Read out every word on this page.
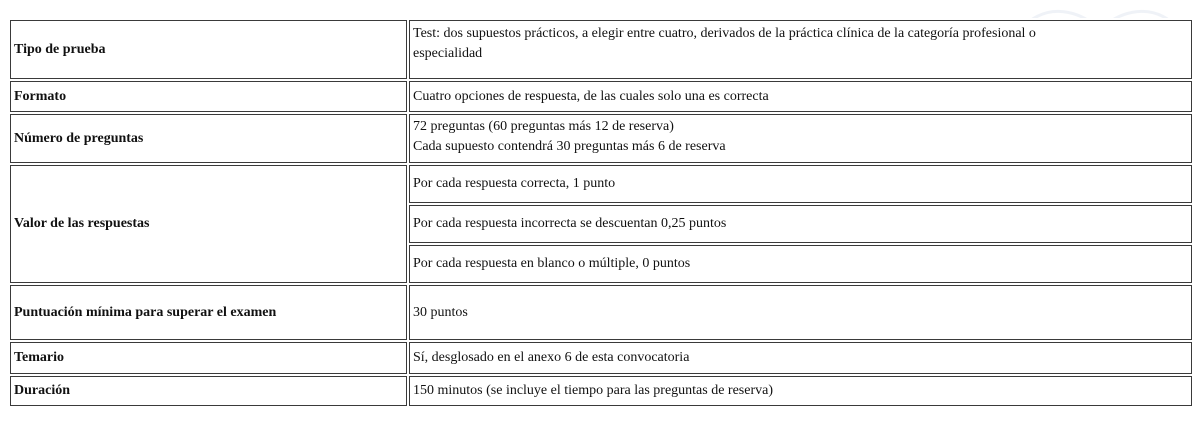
Tipo de prueba	Test: dos supuestos prácticos, a elegir entre cuatro, derivados de la práctica clínica de la categoría profesional o
especialidad

Formato	Cuatro opciones de respuesta, de las cuales solo una es correcta
Número de preguntas	72 preguntas (60 preguntas más 12 de reserva)
Cada supuesto contendrá 30 preguntas más 6 de reserva

Valor de las respuestas	Por cada respuesta correcta, 1 punto
	Por cada respuesta incorrecta se descuentan 0,25 puntos
	Por cada respuesta en blanco o múltiple, 0 puntos
Puntuación mínima para superar el examen	30 puntos
Temario	Sí, desglosado en el anexo 6 de esta convocatoria
Duración	150 minutos (se incluye el tiempo para las preguntas de reserva)
